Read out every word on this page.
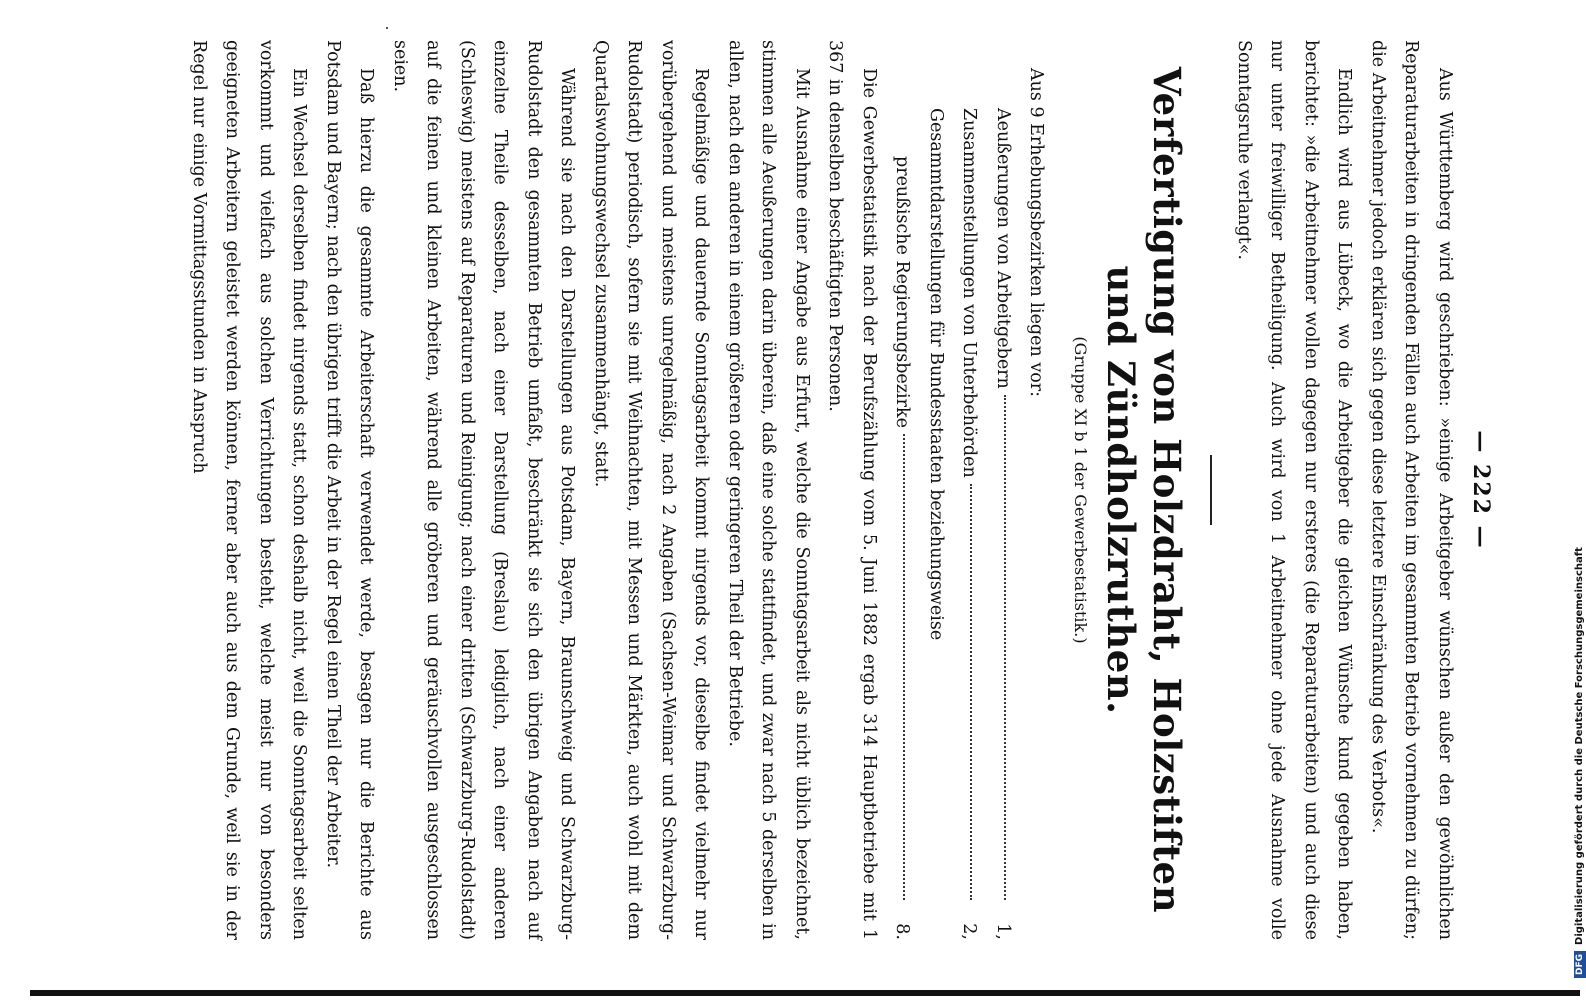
— 222 —

Aus Württemberg wird geschrieben: »einige Arbeitgeber wünschen außer den gewöhnlichen Reparaturarbeiten in dringenden Fällen auch Arbeiten im gesammten Betrieb vornehmen zu dürfen; die Arbeitnehmer jedoch erklären sich gegen diese letztere Einschränkung des Verbots«.

Endlich wird aus Lübeck, wo die Arbeitgeber die gleichen Wünsche kund gegeben haben, berichtet: »die Arbeitnehmer wollen dagegen nur ersteres (die Reparaturarbeiten) und auch diese nur unter freiwilliger Betheiligung. Auch wird von 1 Arbeitnehmer ohne jede Ausnahme volle Sonntagsruhe verlangt«.

Verfertigung von Holzdraht, Holzstiften und Zündholzruthen.

(Gruppe XI b 1 der Gewerbestatistik.)

Aus 9 Erhebungsbezirken liegen vor:

Aeußerungen von Arbeitgebern
1,
Zusammenstellungen von Unterbehörden
2,
Gesammtdarstellungen für Bundesstaaten beziehungsweise
preußische Regierungsbezirke
8.

Die Gewerbestatistik nach der Berufszählung vom 5. Juni 1882 ergab 314 Hauptbetriebe mit 1 367 in denselben beschäftigten Personen.

Mit Ausnahme einer Angabe aus Erfurt, welche die Sonntagsarbeit als nicht üblich bezeichnet, stimmen alle Aeußerungen darin überein, daß eine solche stattfindet, und zwar nach 5 derselben in allen, nach den anderen in einem größeren oder geringeren Theil der Betriebe.

Regelmäßige und dauernde Sonntagsarbeit kommt nirgends vor, dieselbe findet vielmehr nur vorübergehend und meistens unregelmäßig, nach 2 Angaben (Sachsen-Weimar und Schwarzburg-Rudolstadt) periodisch, sofern sie mit Weihnachten, mit Messen und Märkten, auch wohl mit dem Quartalswohnungswechsel zusammenhängt, statt.

Während sie nach den Darstellungen aus Potsdam, Bayern, Braunschweig und Schwarzburg-Rudolstadt den gesammten Betrieb umfaßt, beschränkt sie sich den übrigen Angaben nach auf einzelne Theile desselben, nach einer Darstellung (Breslau) lediglich, nach einer anderen (Schleswig) meistens auf Reparaturen und Reinigung; nach einer dritten (Schwarzburg-Rudolstadt) auf die feinen und kleinen Arbeiten, während alle gröberen und geräuschvollen ausgeschlossen seien.

Daß hierzu die gesammte Arbeiterschaft verwendet werde, besagen nur die Berichte aus Potsdam und Bayern; nach den übrigen trifft die Arbeit in der Regel einen Theil der Arbeiter.

Ein Wechsel derselben findet nirgends statt, schon deshalb nicht, weil die Sonntagsarbeit selten vorkommt und vielfach aus solchen Verrichtungen besteht, welche meist nur von besonders geeigneten Arbeitern geleistet werden können, ferner aber auch aus dem Grunde, weil sie in der Regel nur einige Vormittagsstunden in Anspruch

DFGDigitalisierung gefördert durch die Deutsche Forschungsgemeinschaft
